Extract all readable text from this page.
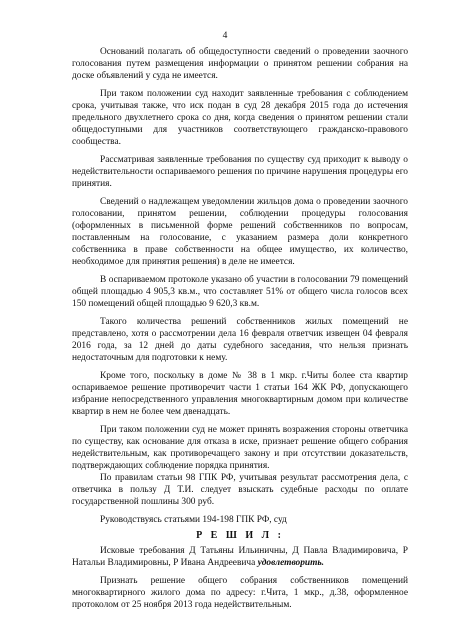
4

Оснований полагать об общедоступности сведений о проведении заочного голосования путем размещения информации о принятом решении собрания на доске объявлений у суда не имеется.

При таком положении суд находит заявленные требования с соблюдением срока, учитывая также, что иск подан в суд 28 декабря 2015 года до истечения предельного двухлетнего срока со дня, когда сведения о принятом решении стали общедоступными для участников соответствующего гражданско-правового сообщества.

Рассматривая заявленные требования по существу суд приходит к выводу о недействительности оспариваемого решения по причине нарушения процедуры его принятия.

Сведений о надлежащем уведомлении жильцов дома о проведении заочного голосовании, принятом решении, соблюдении процедуры голосования (оформленных в письменной форме решений собственников по вопросам, поставленным на голосование, с указанием размера доли конкретного собственника в праве собственности на общее имущество, их количество, необходимое для принятия решения) в деле не имеется.

В оспариваемом протоколе указано об участии в голосовании 79 помещений общей площадью 4 905,3 кв.м., что составляет 51% от общего числа голосов всех 150 помещений общей площадью 9 620,3 кв.м.

Такого количества решений собственников жилых помещений не представлено, хотя о рассмотрении дела 16 февраля ответчик извещен 04 февраля 2016 года, за 12 дней до даты судебного заседания, что нельзя признать недостаточным для подготовки к нему.

Кроме того, поскольку в доме № 38 в 1 мкр. г.Читы более ста квартир оспариваемое решение противоречит части 1 статьи 164 ЖК РФ, допускающего избрание непосредственного управления многоквартирным домом при количестве квартир в нем не более чем двенадцать.

При таком положении суд не может принять возражения стороны ответчика по существу, как основание для отказа в иске, признает решение общего собрания недействительным, как противоречащего закону и при отсутствии доказательств, подтверждающих соблюдение порядка принятия.

По правилам статьи 98 ГПК РФ, учитывая результат рассмотрения дела, с ответчика в пользу Д Т.И. следует взыскать судебные расходы по оплате государственной пошлины 300 руб.

Руководствуясь статьями 194-198 ГПК РФ, суд

Р Е Ш И Л :

Исковые требования Д Татьяны Ильиничны, Д Павла Владимировича, Р Натальи Владимировны, Р Ивана Андреевича удовлетворить.

Признать решение общего собрания собственников помещений многоквартирного жилого дома по адресу: г.Чита, 1 мкр., д.38, оформленное протоколом от 25 ноября 2013 года недействительным.
